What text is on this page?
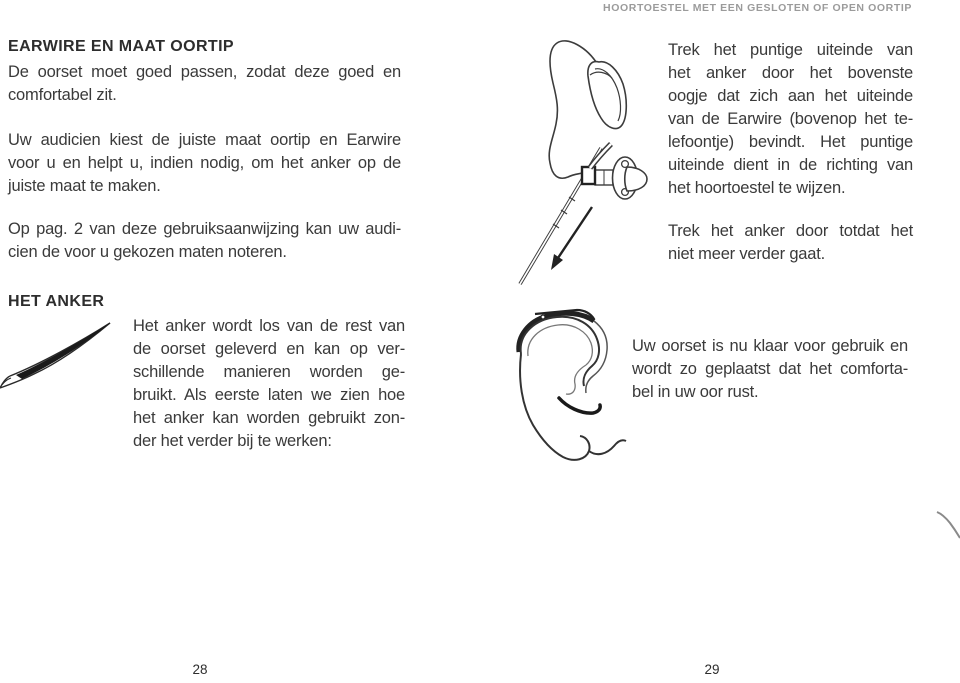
HOORTOESTEL MET EEN GESLOTEN OF OPEN OORTIP
EARWIRE EN MAAT OORTIP
De oorset moet goed passen, zodat deze goed en
comfortabel zit.
Uw audicien kiest de juiste maat oortip en Earwire
voor u en helpt u, indien nodig, om het anker op de
juiste maat te maken.
Op pag. 2 van deze gebruiksaanwijzing kan uw audi-
cien de voor u gekozen maten noteren.
HET ANKER
Het anker wordt los van de rest van
de oorset geleverd en kan op ver-
schillende manieren worden ge-
bruikt. Als eerste laten we zien hoe
het anker kan worden gebruikt zon-
der het verder bij te werken:
28
Trek het puntige uiteinde van
het anker door het bovenste
oogje dat zich aan het uiteinde
van de Earwire (bovenop het te-
lefoontje) bevindt. Het puntige
uiteinde dient in de richting van
het hoortoestel te wijzen.
Trek het anker door totdat het
niet meer verder gaat.
Uw oorset is nu klaar voor gebruik en
wordt zo geplaatst dat het comforta-
bel in uw oor rust.
29
